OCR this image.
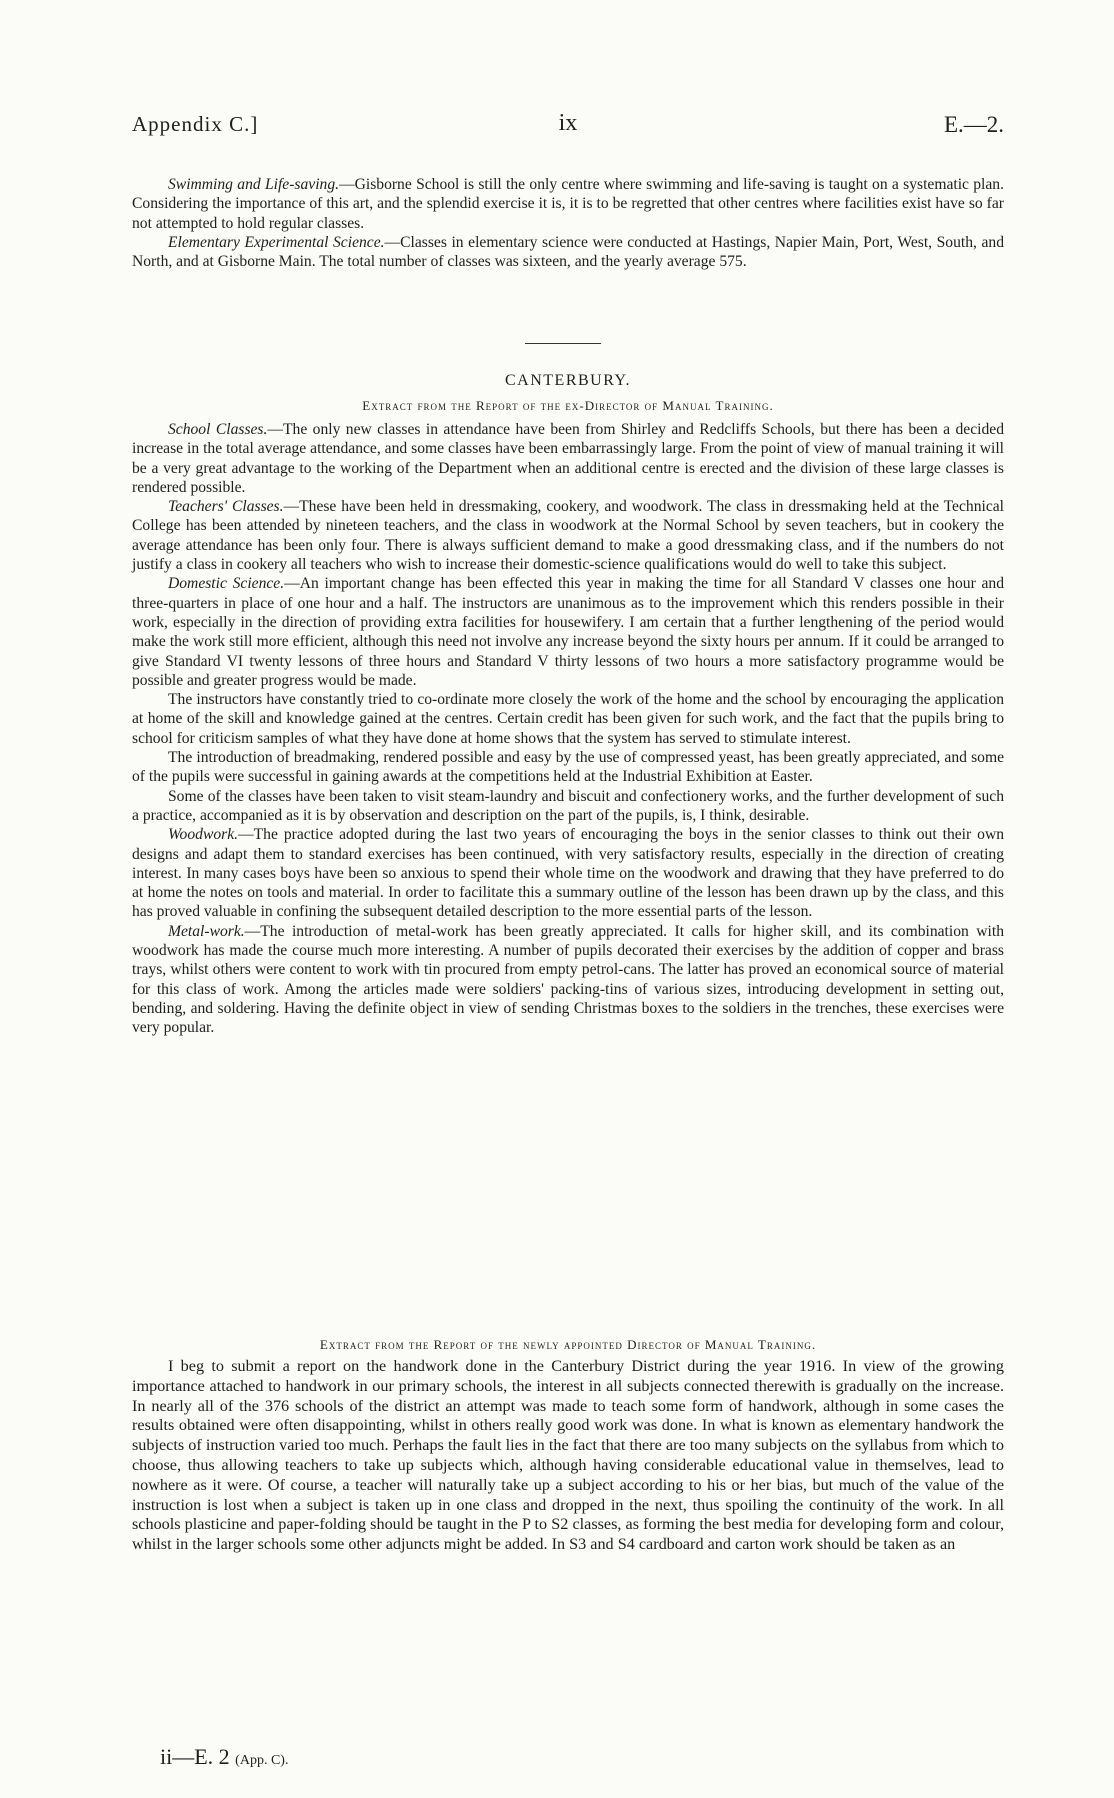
Appendix C.]	ix	E.—2.

Swimming and Life-saving.—Gisborne School is still the only centre where swimming and life-saving is taught on a systematic plan. Considering the importance of this art, and the splendid exercise it is, it is to be regretted that other centres where facilities exist have so far not attempted to hold regular classes.

Elementary Experimental Science.—Classes in elementary science were conducted at Hastings, Napier Main, Port, West, South, and North, and at Gisborne Main. The total number of classes was sixteen, and the yearly average 575.

CANTERBURY.
Extract from the Report of the ex-Director of Manual Training.

School Classes.—The only new classes in attendance have been from Shirley and Redcliffs Schools, but there has been a decided increase in the total average attendance, and some classes have been embarrassingly large. From the point of view of manual training it will be a very great advantage to the working of the Department when an additional centre is erected and the division of these large classes is rendered possible.

Teachers' Classes.—These have been held in dressmaking, cookery, and woodwork. The class in dressmaking held at the Technical College has been attended by nineteen teachers, and the class in woodwork at the Normal School by seven teachers, but in cookery the average attendance has been only four. There is always sufficient demand to make a good dressmaking class, and if the numbers do not justify a class in cookery all teachers who wish to increase their domestic-science qualifications would do well to take this subject.

Domestic Science.—An important change has been effected this year in making the time for all Standard V classes one hour and three-quarters in place of one hour and a half. The instructors are unanimous as to the improvement which this renders possible in their work, especially in the direction of providing extra facilities for housewifery. I am certain that a further lengthening of the period would make the work still more efficient, although this need not involve any increase beyond the sixty hours per annum. If it could be arranged to give Standard VI twenty lessons of three hours and Standard V thirty lessons of two hours a more satisfactory programme would be possible and greater progress would be made.

The instructors have constantly tried to co-ordinate more closely the work of the home and the school by encouraging the application at home of the skill and knowledge gained at the centres. Certain credit has been given for such work, and the fact that the pupils bring to school for criticism samples of what they have done at home shows that the system has served to stimulate interest.

The introduction of breadmaking, rendered possible and easy by the use of compressed yeast, has been greatly appreciated, and some of the pupils were successful in gaining awards at the competitions held at the Industrial Exhibition at Easter.

Some of the classes have been taken to visit steam-laundry and biscuit and confectionery works, and the further development of such a practice, accompanied as it is by observation and description on the part of the pupils, is, I think, desirable.

Woodwork.—The practice adopted during the last two years of encouraging the boys in the senior classes to think out their own designs and adapt them to standard exercises has been continued, with very satisfactory results, especially in the direction of creating interest. In many cases boys have been so anxious to spend their whole time on the woodwork and drawing that they have preferred to do at home the notes on tools and material. In order to facilitate this a summary outline of the lesson has been drawn up by the class, and this has proved valuable in confining the subsequent detailed description to the more essential parts of the lesson.

Metal-work.—The introduction of metal-work has been greatly appreciated. It calls for higher skill, and its combination with woodwork has made the course much more interesting. A number of pupils decorated their exercises by the addition of copper and brass trays, whilst others were content to work with tin procured from empty petrol-cans. The latter has proved an economical source of material for this class of work. Among the articles made were soldiers' packing-tins of various sizes, introducing development in setting out, bending, and soldering. Having the definite object in view of sending Christmas boxes to the soldiers in the trenches, these exercises were very popular.

Extract from the Report of the newly appointed Director of Manual Training.

I beg to submit a report on the handwork done in the Canterbury District during the year 1916. In view of the growing importance attached to handwork in our primary schools, the interest in all subjects connected therewith is gradually on the increase. In nearly all of the 376 schools of the district an attempt was made to teach some form of handwork, although in some cases the results obtained were often disappointing, whilst in others really good work was done. In what is known as elementary handwork the subjects of instruction varied too much. Perhaps the fault lies in the fact that there are too many subjects on the syllabus from which to choose, thus allowing teachers to take up subjects which, although having considerable educational value in themselves, lead to nowhere as it were. Of course, a teacher will naturally take up a subject according to his or her bias, but much of the value of the instruction is lost when a subject is taken up in one class and dropped in the next, thus spoiling the continuity of the work. In all schools plasticine and paper-folding should be taught in the P to S2 classes, as forming the best media for developing form and colour, whilst in the larger schools some other adjuncts might be added. In S3 and S4 cardboard and carton work should be taken as an

ii—E. 2 (App. C).
